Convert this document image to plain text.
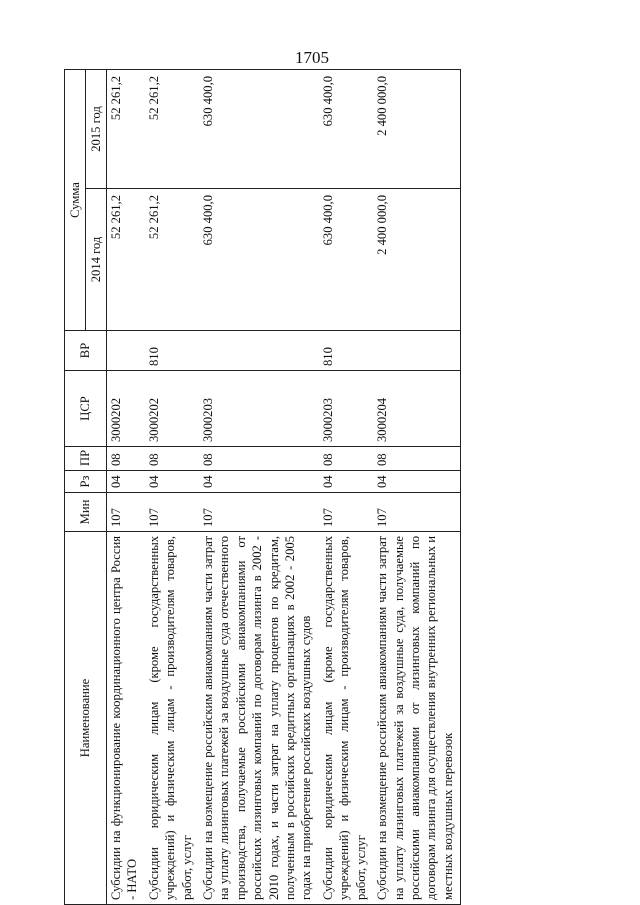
1705
Наименование	Мин	Рз	ПР	ЦСР	ВР	Сумма	
						2014 год	2015 год
Субсидии на функционирование координационного центра Россия - НАТО	107	04	08	3000202		52 261,2	52 261,2
Субсидии юридическим лицам (кроме государственных учреждений) и физическим лицам - производителям товаров, работ, услуг	107	04	08	3000202	810	52 261,2	52 261,2
Субсидии на возмещение российским авиакомпаниям части затрат на уплату лизинговых платежей за воздушные суда отечественного производства, получаемые российскими авиакомпаниями от российских лизинговых компаний по договорам лизинга в 2002 - 2010 годах, и части затрат на уплату процентов по кредитам, полученным в российских кредитных организациях в 2002 - 2005 годах на приобретение российских воздушных судов	107	04	08	3000203		630 400,0	630 400,0
Субсидии юридическим лицам (кроме государственных учреждений) и физическим лицам - производителям товаров, работ, услуг	107	04	08	3000203	810	630 400,0	630 400,0
Субсидии на возмещение российским авиакомпаниям части затрат на уплату лизинговых платежей за воздушные суда, получаемые российскими авиакомпаниями от лизинговых компаний по договорам лизинга для осуществления внутренних региональных и местных воздушных перевозок	107	04	08	3000204		2 400 000,0	2 400 000,0
